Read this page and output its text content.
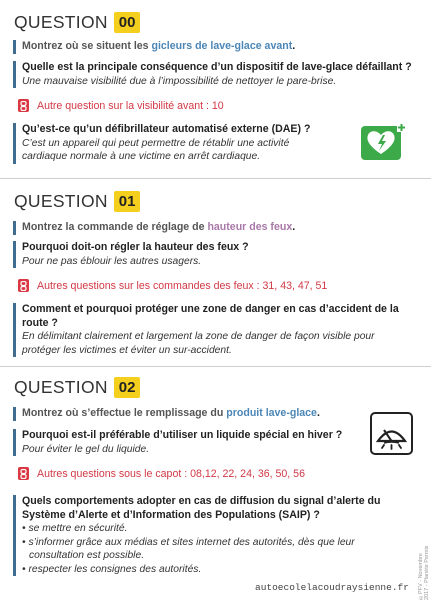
QUESTION 00
Montrez où se situent les gicleurs de lave-glace avant.
Quelle est la principale conséquence d’un dispositif de lave-glace défaillant ?
Une mauvaise visibilité due à l’impossibilité de nettoyer le pare-brise.
Autre question sur la visibilité avant : 10
Qu’est-ce qu’un défibrillateur automatisé externe (DAE) ?
C’est un appareil qui peut permettre de rétablir une activité
cardiaque normale à une victime en arrêt cardiaque.
QUESTION 01
Montrez la commande de réglage de hauteur des feux.
Pourquoi doit-on régler la hauteur des feux ?
Pour ne pas éblouir les autres usagers.
Autres questions sur les commandes des feux : 31, 43, 47, 51
Comment et pourquoi protéger une zone de danger en cas d’accident de la
route ?
En délimitant clairement et largement la zone de danger de façon visible pour
protéger les victimes et éviter un sur-accident.
QUESTION 02
Montrez où s’effectue le remplissage du produit lave-glace.
Pourquoi est-il préférable d’utiliser un liquide spécial en hiver ?
Pour éviter le gel du liquide.
Autres questions sous le capot : 08,12, 22, 24, 36, 50, 56
Quels comportements adopter en cas de diffusion du signal d’alerte du
Système d’Alerte et d’Information des Populations (SAIP) ?
• se mettre en sécurité.
• s’informer grâce aux médias et sites internet des autorités, dès que leur
consultation est possible.
• respecter les consignes des autorités.	©PFV - Novembre 2017 - Planète Permis
autoecolelacoudraysienne.fr
